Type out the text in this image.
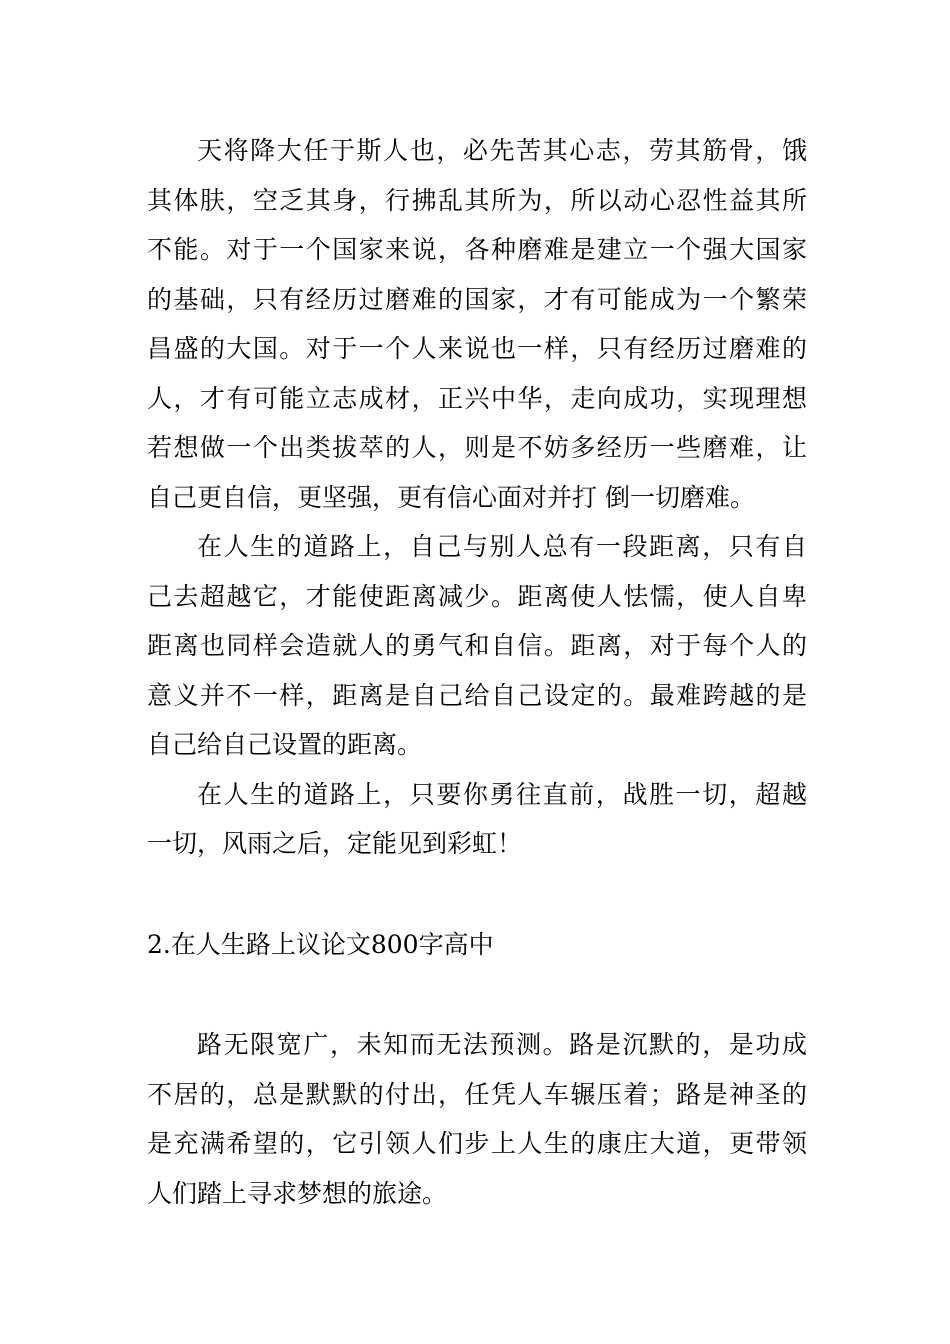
天将降大任于斯人也，必先苦其心志，劳其筋骨，饿
其体肤，空乏其身，行拂乱其所为，所以动心忍性益其所
不能。对于一个国家来说，各种磨难是建立一个强大国家
的基础，只有经历过磨难的国家，才有可能成为一个繁荣
昌盛的大国。对于一个人来说也一样，只有经历过磨难的
人，才有可能立志成材，正兴中华，走向成功，实现理想
若想做一个出类拔萃的人，则是不妨多经历一些磨难，让
自己更自信，更坚强，更有信心面对并打 倒一切磨难。
在人生的道路上，自己与别人总有一段距离，只有自
己去超越它，才能使距离减少。距离使人怯懦，使人自卑
距离也同样会造就人的勇气和自信。距离，对于每个人的
意义并不一样，距离是自己给自己设定的。最难跨越的是
自己给自己设置的距离。
在人生的道路上，只要你勇往直前，战胜一切，超越
一切，风雨之后，定能见到彩虹！
2.在人生路上议论文800字高中
路无限宽广，未知而无法预测。路是沉默的，是功成
不居的，总是默默的付出，任凭人车辗压着；路是神圣的
是充满希望的，它引领人们步上人生的康庄大道，更带领
人们踏上寻求梦想的旅途。
